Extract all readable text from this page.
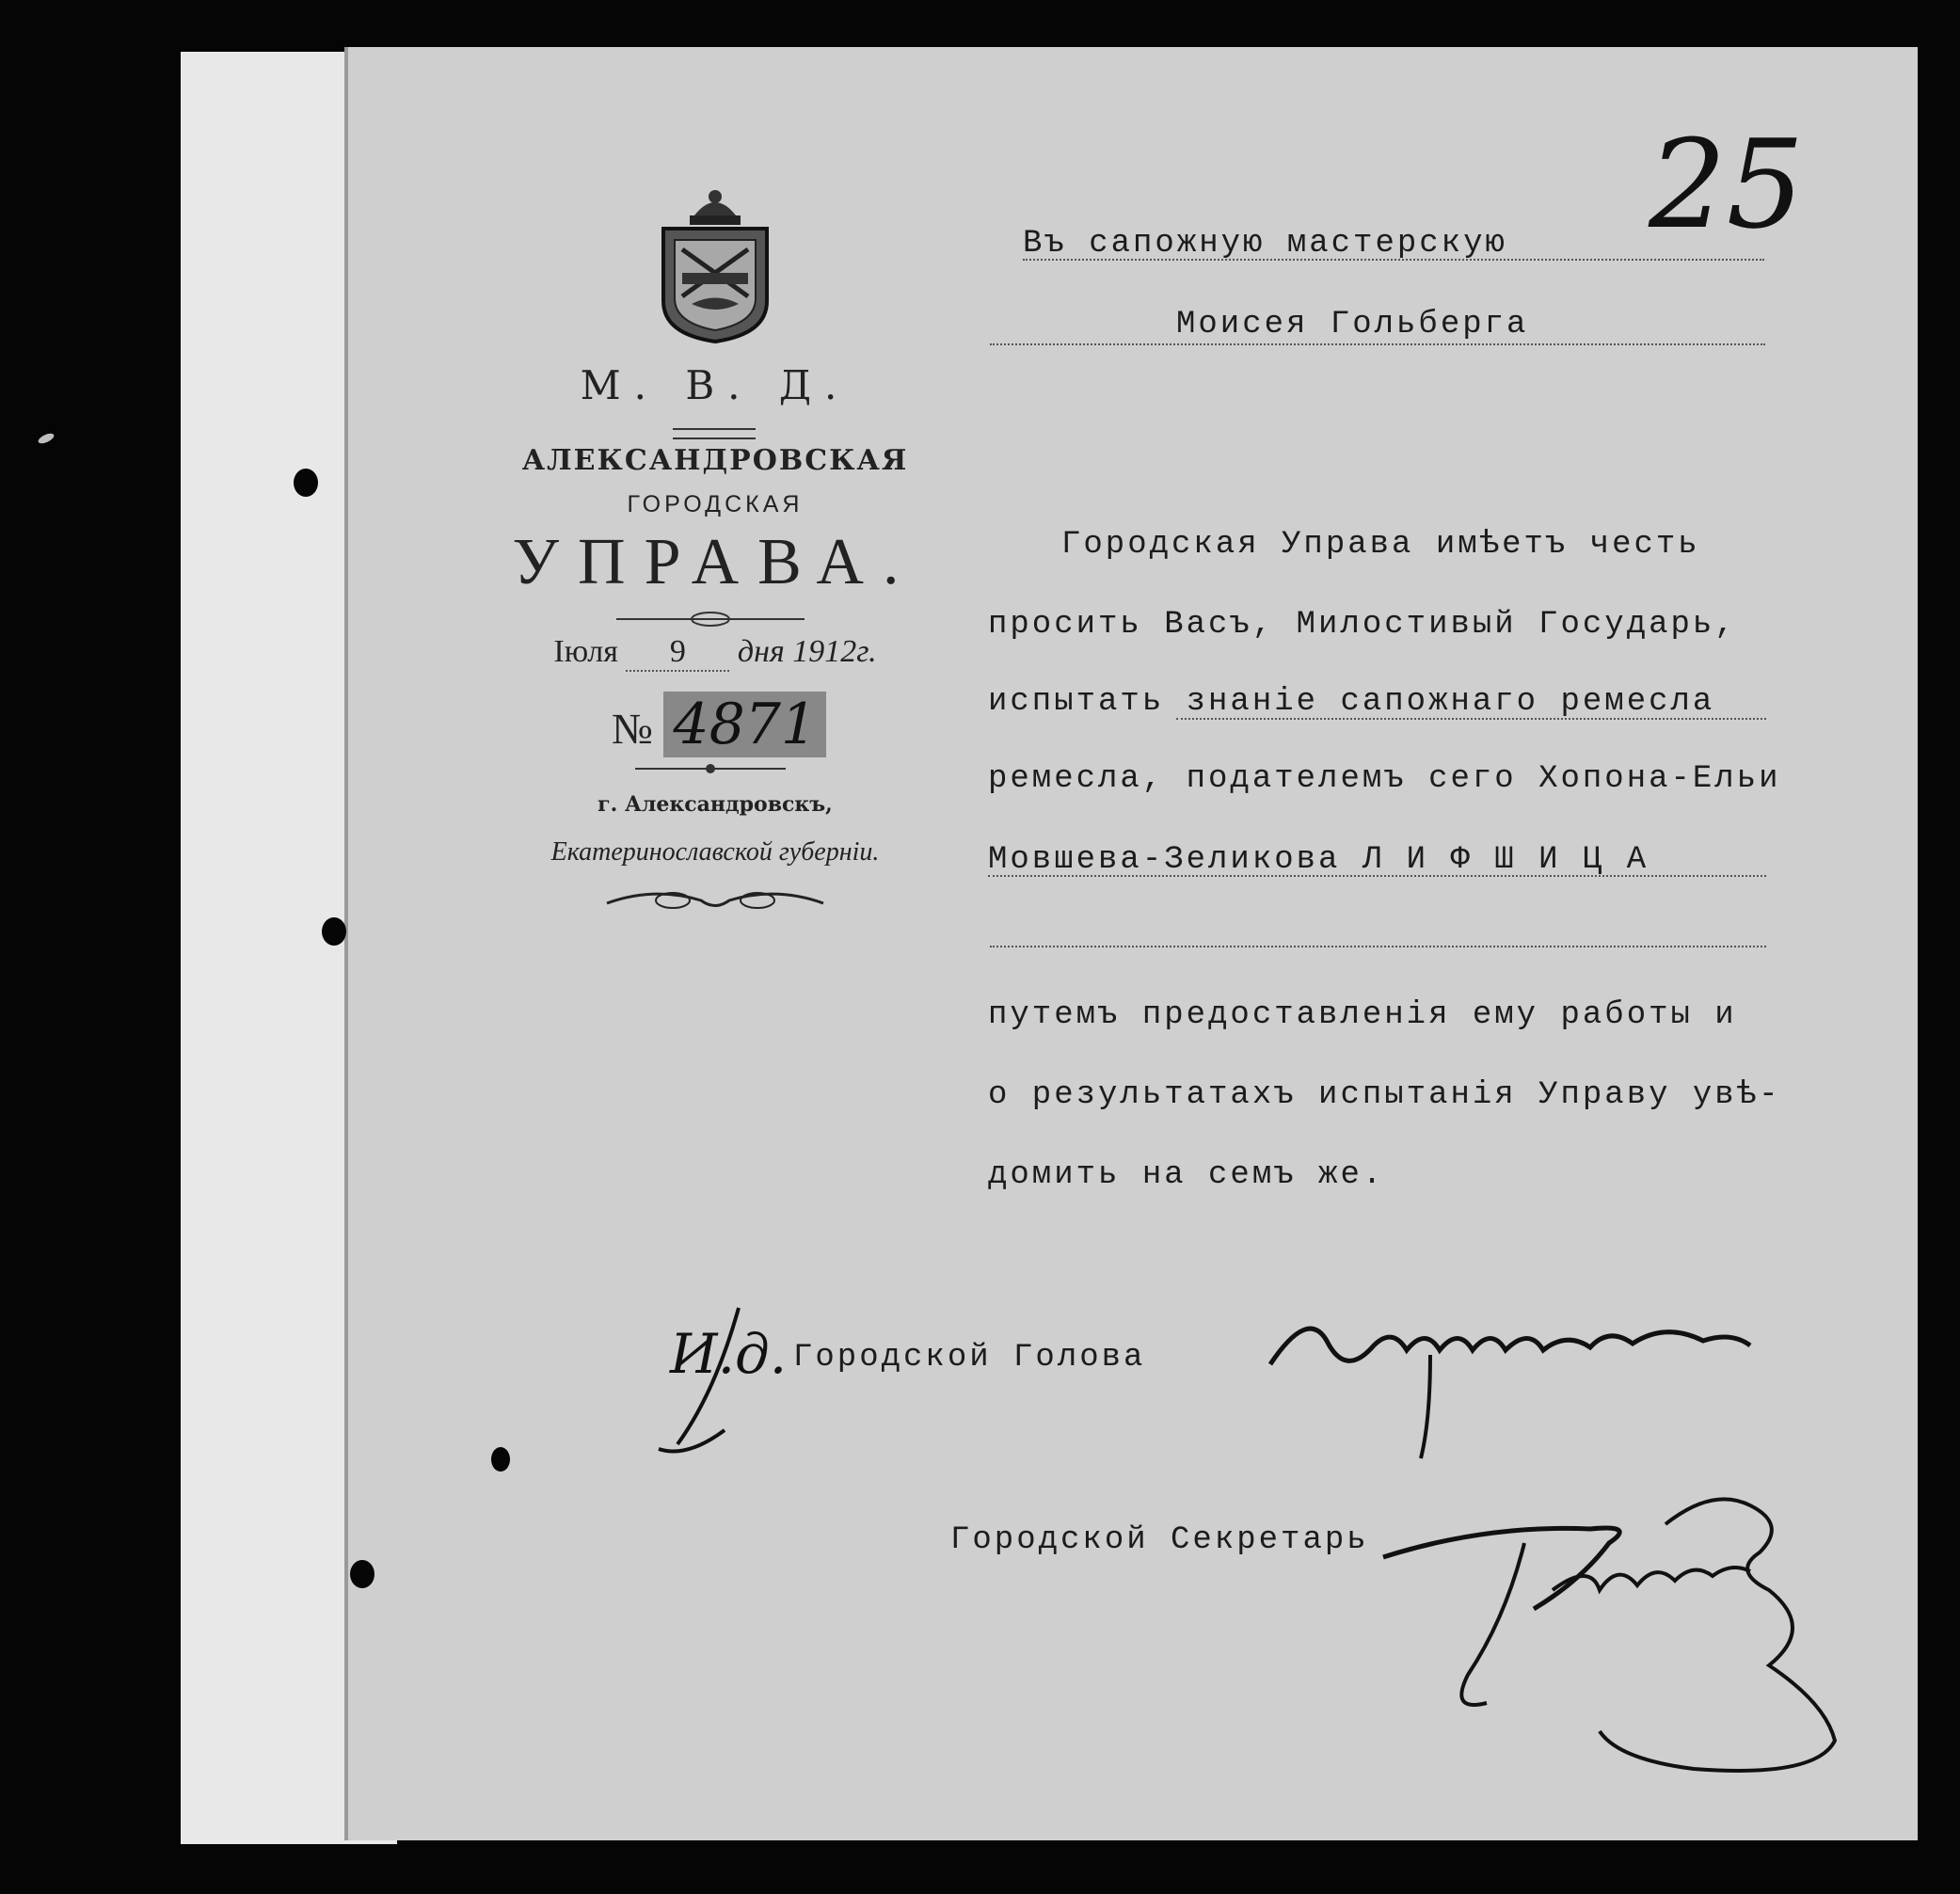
М. В. Д.
АЛЕКСАНДРОВСКАЯ
ГОРОДСКАЯ
УПРАВА.
Iюля 9 дня 1912г.
№ 4871
г. Александровскъ,
Екатеринославской губерніи.
25
Въ сапожную мастерскую
Моисея Гольберга
Городская Управа имѣетъ честь
просить Васъ, Милостивый Государь,
испытать знаніе сапожнаго ремесла
ремесла, подателемъ сего Хопона-Ельи
Мовшева-Зеликова Л И Ф Ш И Ц А
путемъ предоставленія ему работы и
о результатахъ испытанія Управу увѣ-
домить на семъ же.
И.д. Городской Голова
Городской Секретарь
